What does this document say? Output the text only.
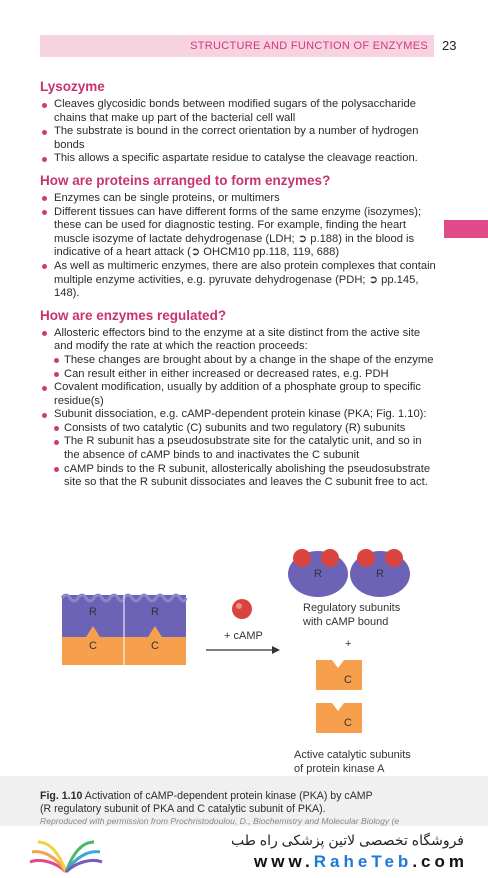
STRUCTURE AND FUNCTION OF ENZYMES 23
Lysozyme
Cleaves glycosidic bonds between modified sugars of the polysaccharide chains that make up part of the bacterial cell wall
The substrate is bound in the correct orientation by a number of hydrogen bonds
This allows a specific aspartate residue to catalyse the cleavage reaction.
How are proteins arranged to form enzymes?
Enzymes can be single proteins, or multimers
Different tissues can have different forms of the same enzyme (isozymes); these can be used for diagnostic testing. For example, finding the heart muscle isozyme of lactate dehydrogenase (LDH; ➲ p.188) in the blood is indicative of a heart attack (➲ OHCM10 pp.118, 119, 688)
As well as multimeric enzymes, there are also protein complexes that contain multiple enzyme activities, e.g. pyruvate dehydrogenase (PDH; ➲ pp.145, 148).
How are enzymes regulated?
Allosteric effectors bind to the enzyme at a site distinct from the active site and modify the rate at which the reaction proceeds:
These changes are brought about by a change in the shape of the enzyme
Can result either in either increased or decreased rates, e.g. PDH
Covalent modification, usually by addition of a phosphate group to specific residue(s)
Subunit dissociation, e.g. cAMP-dependent protein kinase (PKA; Fig. 1.10):
Consists of two catalytic (C) subunits and two regulatory (R) subunits
The R subunit has a pseudosubstrate site for the catalytic unit, and so in the absence of cAMP binds to and inactivates the C subunit
cAMP binds to the R subunit, allosterically abolishing the pseudosubstrate site so that the R subunit dissociates and leaves the C subunit free to act.
R	R
C	C
+ cAMP
R	R
Regulatory subunits
with cAMP bound
+
C
C
Active catalytic subunits
of protein kinase A
Fig. 1.10 Activation of cAMP-dependent protein kinase (PKA) by cAMP
(R regulatory subunit of PKA and C catalytic subunit of PKA).
Reproduced with permission from Prochristodoulou, D., Biochemistry and Molecular Biology (e
فروشگاه تخصصی لاتین پزشکی راه طب
www.RaheTeb.com
